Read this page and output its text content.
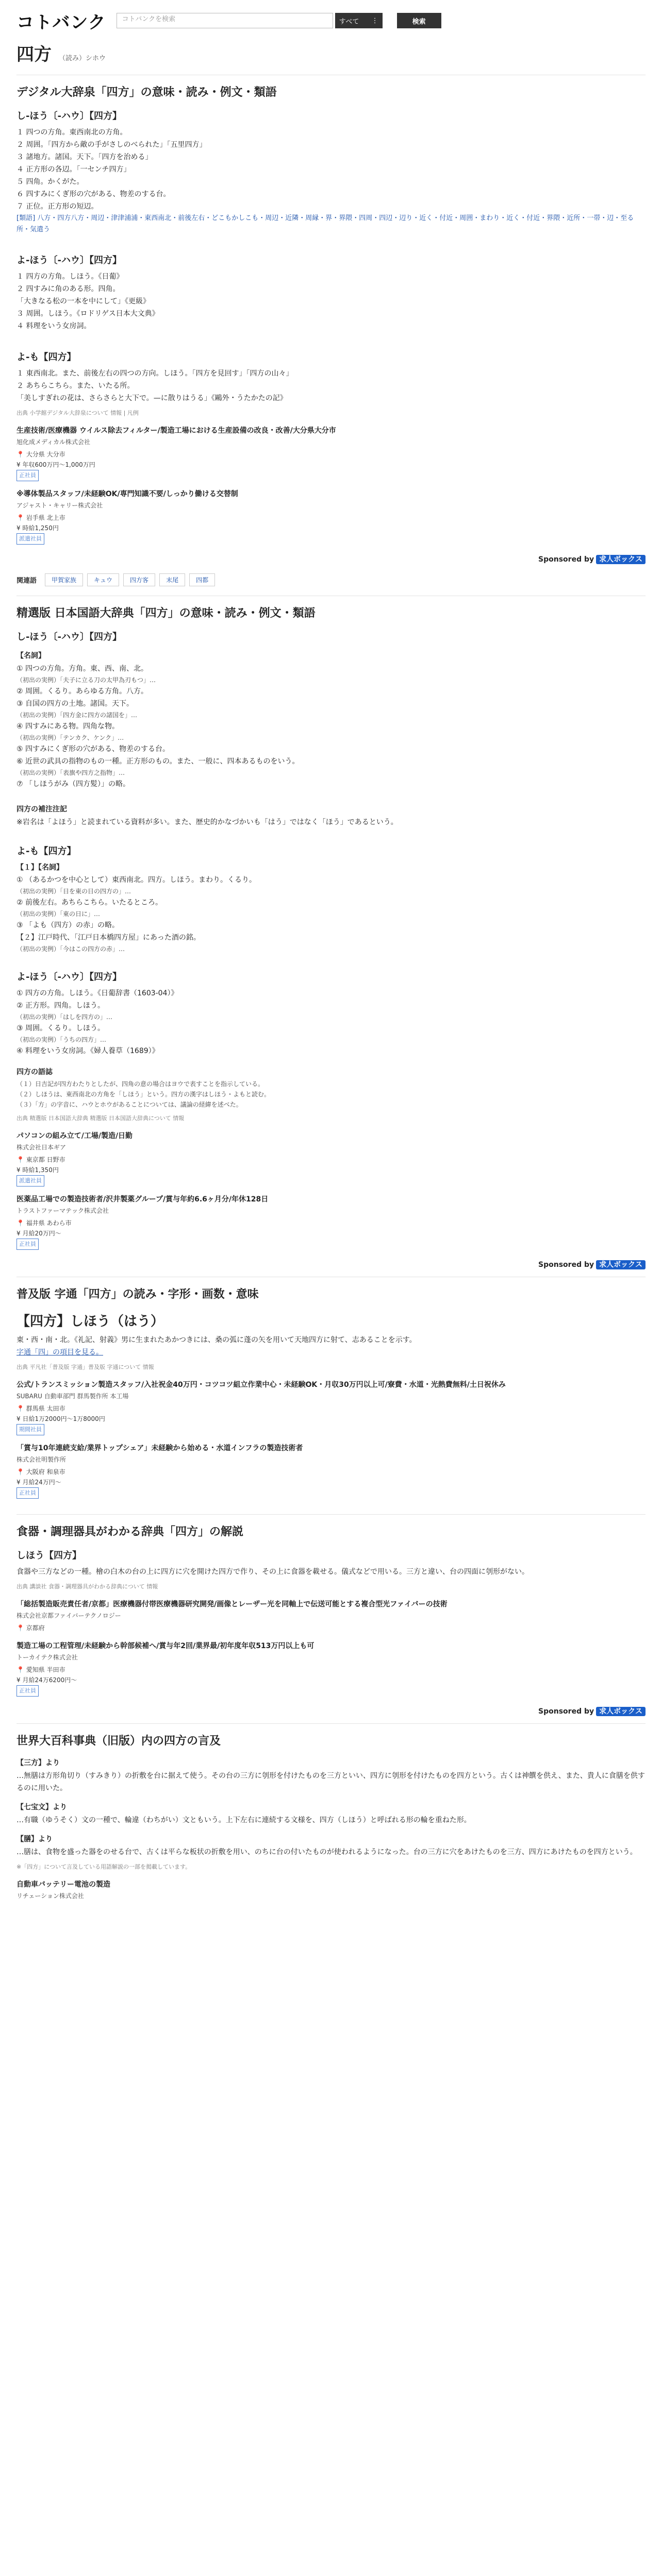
コトバンク	コトバンクを検索	すべて ⋮	検索
四方 （読み）シホウ
デジタル大辞泉「四方」の意味・読み・例文・類語
し‐ほう〔‐ハウ〕【四方】
１ 四つの方角。東西南北の方角。
２ 周囲。「四方から敵の手がさしのべられた」「五里四方」
３ 諸地方。諸国。天下。「四方を治める」
４ 正方形の各辺。「一センチ四方」
５ 四角。かくがた。
６ 四すみにくぎ形の穴がある、物差のする台。
７ 正位。正方形の短辺。
[類語] 八方・四方八方・周辺・津津浦浦・東西南北・前後左右・どこもかしこも・周辺・近隣・周縁・界・界隈・四周・四辺・辺り・近く・付近・周囲・まわり・近く・付近・界隈・近所・一帯・辺・至る所・気遣う
よ‐ほう〔‐ハウ〕【四方】
１ 四方の方角。しほう。《日葡》
２ 四すみに角のある形。四角。
「大きなる松の一本を中にして」《更級》
３ 周囲。しほう。《ロドリゲス日本大文典》
４ 料理をいう女房詞。
よ‐も【四方】
１ 東西南北。また、前後左右の四つの方向。しほう。「四方を見回す」「四方の山々」
２ あちらこちら。また、いたる所。
「美しすぎれの花は、さらさらと大下で。—に散りはうる」《鷗外・うたかたの記》
出典 小学館デジタル大辞泉について 情報 | 凡例
生産技術/医療機器 ウイルス除去フィルター/製造工場における生産設備の改良・改善/大分県大分市
旭化成メディカル株式会社
📍 大分県 大分市
¥ 年収600万円〜1,000万円
正社員
※導体製品スタッフ/未経験OK/専門知識不要/しっかり働ける交替制
アジャスト・キャリー株式会社
📍 岩手県 北上市
¥ 時給1,250円
派遣社員
Sponsored by 求人ボックス
関連語	甲賀家族	キュウ	四方客	末尾	四都
精選版 日本国語大辞典「四方」の意味・読み・例文・類語
し‐ほう〔‐ハウ〕【四方】
【名詞】
① 四つの方角。方角。東、西、南、北。
（初出の実例）「夫子に立る刀の太甲為刃もつ」…
② 周囲。くるり。あらゆる方角。八方。
③ 自国の四方の土地。諸国。天下。
（初出の実例）「四方金に四方の諸国を」…
④ 四すみにある物。四角な物。
（初出の実例）「テンカク、ケンク」…
⑤ 四すみにくぎ形の穴がある、物差のする台。
⑥ 近世の武具の指物のもの一種。正方形のもの。また、一般に、四本あるものをいう。
（初出の実例）「表旗や四方之指物」…
⑦ 「しほうがみ（四方髪）」の略。
四方の補注注記
※岩名は「よほう」と読まれている資料が多い。また、歴史的かなづかいも「はう」ではなく「ほう」であるという。
よ‐も【四方】
【１】【名詞】
① （あるかつを中心として）東西南北。四方。しほう。まわり。くるり。
（初出の実例）「日を東の日の四方の」…
② 前後左右。あちらこちら。いたるところ。
（初出の実例）「東の日に」…
③ 「よも（四方）の赤」の略。
【２】江戸時代、「江戸日本橋四方屋」にあった酒の銘。
（初出の実例）「今はこの四方の赤」…
よ‐ほう〔‐ハウ〕【四方】
① 四方の方角。しほう。《日葡辞書（1603-04）》
② 正方形。四角。しほう。
（初出の実例）「はしを四方の」…
③ 周囲。くるり。しほう。
（初出の実例）「うちの四方」…
④ 料理をいう女房詞。《婦人養草（1689）》
四方の語誌
（１）日吉記が四方わたりとしたが、四角の意の場合はヨウで表すことを指示している。
（２）しほうは、東西南北の方角を「しほう」という。四方の漢字はしほう・よもと読む。
（３）「方」の字音に、ハウとホウがあることについては、議論の経緯を述べた。
出典 精選版 日本国語大辞典 精選版 日本国語大辞典について 情報
パソコンの組み立て/工場/製造/日勤
株式会社日本ギア
📍 東京都 日野市
¥ 時給1,350円
派遣社員
医薬品工場での製造技術者/沢井製薬グループ/賞与年約6.6ヶ月分/年休128日
トラストファーマテック株式会社
📍 福井県 あわら市
¥ 月給20万円〜
正社員
Sponsored by 求人ボックス
普及版 字通「四方」の読み・字形・画数・意味
【四方】しほう（はう）
東・西・南・北。《礼記、射義》男に生まれたあかつきには、桑の弧に蓬の矢を用いて天地四方に射て、志あることを示す。
字通「四」の項目を見る。
出典 平凡社「普及版 字通」普及版 字通について 情報
公式/トランスミッション製造スタッフ/入社祝金40万円・コツコツ組立作業中心・未経験OK・月収30万円以上可/寮費・水道・光熱費無料/土日祝休み
SUBARU 自動車部門 群馬製作所 本工場
📍 群馬県 太田市
¥ 日給1万2000円〜1万8000円
期間社員
「賞与10年連続支給/業界トップシェア」未経験から始める・水道インフラの製造技術者
株式会社明製作所
📍 大阪府 和泉市
¥ 月給24万円〜
正社員
食器・調理器具がわかる辞典「四方」の解説
しほう【四方】
食器や三方などの一種。檜の白木の台の上に四方に穴を開けた四方で作り、その上に食器を載せる。儀式などで用いる。三方と違い、台の四面に刳形がない。
出典 講談社 食器・調理器具がわかる辞典について 情報
「総括製造販売責任者/京都」医療機器付帯医療機器研究開発/画像とレーザー光を同軸上で伝送可能とする複合型光ファイバーの技術
株式会社京都ファイバーテクノロジー
📍 京都府
製造工場の工程管理/未経験から幹部候補へ/賞与年2回/業界最/初年度年収513万円以上も可
トーカイテク株式会社
📍 愛知県 半田市
¥ 月給24万6200円〜
正社員
Sponsored by 求人ボックス
世界大百科事典（旧版）内の四方の言及
【三方】より
…無膳は方形角切り（すみきり）の折敷を台に据えて使う。その台の三方に刳形を付けたものを三方といい、四方に刳形を付けたものを四方という。古くは神饌を供え、また、貴人に食膳を供するのに用いた。
【七宝文】より
…有職（ゆうそく）文の一種で、輪違（わちがい）文ともいう。上下左右に連続する文様を、四方（しほう）と呼ばれる形の輪を重ねた形。
【膳】より
…膳は、食物を盛った器をのせる台で、古くは平らな板状の折敷を用い、のちに台の付いたものが使われるようになった。台の三方に穴をあけたものを三方、四方にあけたものを四方という。
※「四方」について言及している用語解説の一部を掲載しています。
自動車バッテリー電池の製造
リチェーション株式会社
